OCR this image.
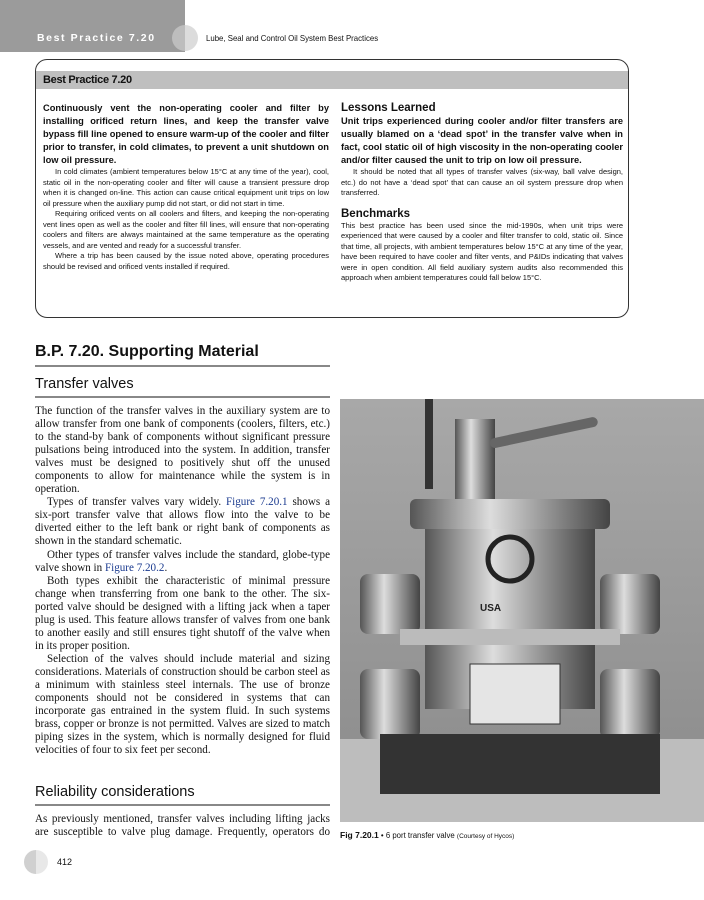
Best Practice 7.20	Lube, Seal and Control Oil System Best Practices
Best Practice 7.20
Continuously vent the non-operating cooler and filter by installing orificed return lines, and keep the transfer valve bypass fill line opened to ensure warm-up of the cooler and filter prior to transfer, in cold climates, to prevent a unit shutdown on low oil pressure.

In cold climates (ambient temperatures below 15°C at any time of the year), cool, static oil in the non-operating cooler and filter will cause a transient pressure drop when it is changed on-line. This action can cause critical equipment unit trips on low oil pressure when the auxiliary pump did not start, or did not start in time.

Requiring orificed vents on all coolers and filters, and keeping the non-operating vent lines open as well as the cooler and filter fill lines, will ensure that non-operating coolers and filters are always maintained at the same temperature as the operating vessels, and are vented and ready for a successful transfer.

Where a trip has been caused by the issue noted above, operating procedures should be revised and orificed vents installed if required.

Lessons Learned
Unit trips experienced during cooler and/or filter transfers are usually blamed on a ‘dead spot’ in the transfer valve when in fact, cool static oil of high viscosity in the non-operating cooler and/or filter caused the unit to trip on low oil pressure.

It should be noted that all types of transfer valves (six-way, ball valve design, etc.) do not have a ‘dead spot’ that can cause an oil system pressure drop when transferred.

Benchmarks

This best practice has been used since the mid-1990s, when unit trips were experienced that were caused by a cooler and filter transfer to cold, static oil. Since that time, all projects, with ambient temperatures below 15°C at any time of the year, have been required to have cooler and filter vents, and P&IDs indicating that valves were in open condition. All field auxiliary system audits also recommended this approach when ambient temperatures could fall below 15°C.

B.P. 7.20. Supporting Material
Transfer valves

The function of the transfer valves in the auxiliary system are to allow transfer from one bank of components (coolers, filters, etc.) to the stand-by bank of components without significant pressure pulsations being introduced into the system. In addition, transfer valves must be designed to positively shut off the unused components to allow for maintenance while the system is in operation.

Types of transfer valves vary widely. Figure 7.20.1 shows a six-port transfer valve that allows flow into the valve to be diverted either to the left bank or right bank of components as shown in the standard schematic.

Other types of transfer valves include the standard, globe-type valve shown in Figure 7.20.2.

Both types exhibit the characteristic of minimal pressure change when transferring from one bank to the other. The six-ported valve should be designed with a lifting jack when a taper plug is used. This feature allows transfer of valves from one bank to another easily and still ensures tight shutoff of the valve when in its proper position.

Selection of the valves should include material and sizing considerations. Materials of construction should be carbon steel as a minimum with stainless steel internals. The use of bronze components should not be considered in systems that can incorporate gas entrained in the system fluid. In such systems brass, copper or bronze is not permitted. Valves are sized to match piping sizes in the system, which is normally designed for fluid velocities of four to six feet per second.

Reliability considerations

As previously mentioned, transfer valves including lifting jacks are susceptible to valve plug damage. Frequently, operators do

USA
Fig 7.20.1 • 6 port transfer valve (Courtesy of Hycos)
412
